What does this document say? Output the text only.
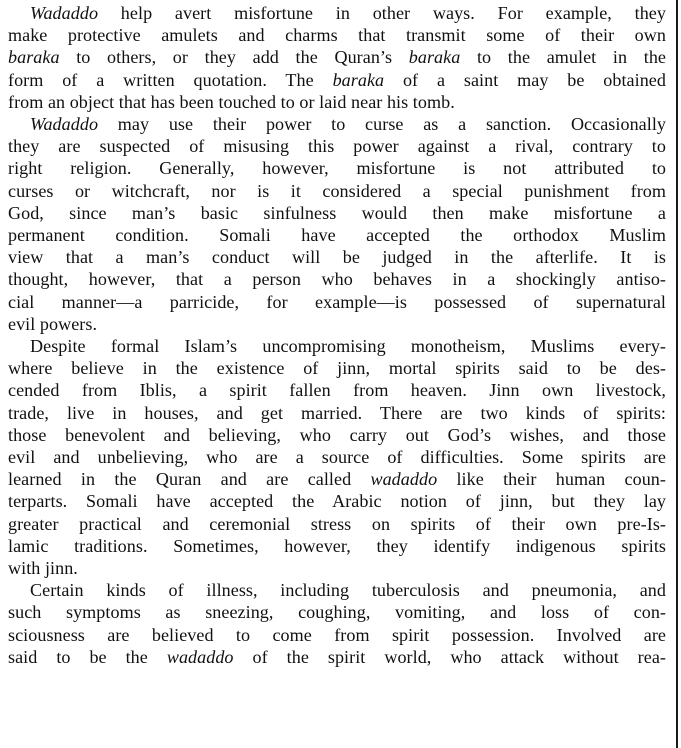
Wadaddo help avert misfortune in other ways. For example, they
make protective amulets and charms that transmit some of their own
baraka to others, or they add the Quran’s baraka to the amulet in the
form of a written quotation. The baraka of a saint may be obtained
from an object that has been touched to or laid near his tomb.

Wadaddo may use their power to curse as a sanction. Occasionally
they are suspected of misusing this power against a rival, contrary to
right religion. Generally, however, misfortune is not attributed to
curses or witchcraft, nor is it considered a special punishment from
God, since man’s basic sinfulness would then make misfortune a
permanent condition. Somali have accepted the orthodox Muslim
view that a man’s conduct will be judged in the afterlife. It is
thought, however, that a person who behaves in a shockingly antiso-
cial manner—a parricide, for example—is possessed of supernatural
evil powers.

Despite formal Islam’s uncompromising monotheism, Muslims every-
where believe in the existence of jinn, mortal spirits said to be des-
cended from Iblis, a spirit fallen from heaven. Jinn own livestock,
trade, live in houses, and get married. There are two kinds of spirits:
those benevolent and believing, who carry out God’s wishes, and those
evil and unbelieving, who are a source of difficulties. Some spirits are
learned in the Quran and are called wadaddo like their human coun-
terparts. Somali have accepted the Arabic notion of jinn, but they lay
greater practical and ceremonial stress on spirits of their own pre-Is-
lamic traditions. Sometimes, however, they identify indigenous spirits
with jinn.

Certain kinds of illness, including tuberculosis and pneumonia, and
such symptoms as sneezing, coughing, vomiting, and loss of con-
sciousness are believed to come from spirit possession. Involved are
said to be the wadaddo of the spirit world, who attack without rea-
